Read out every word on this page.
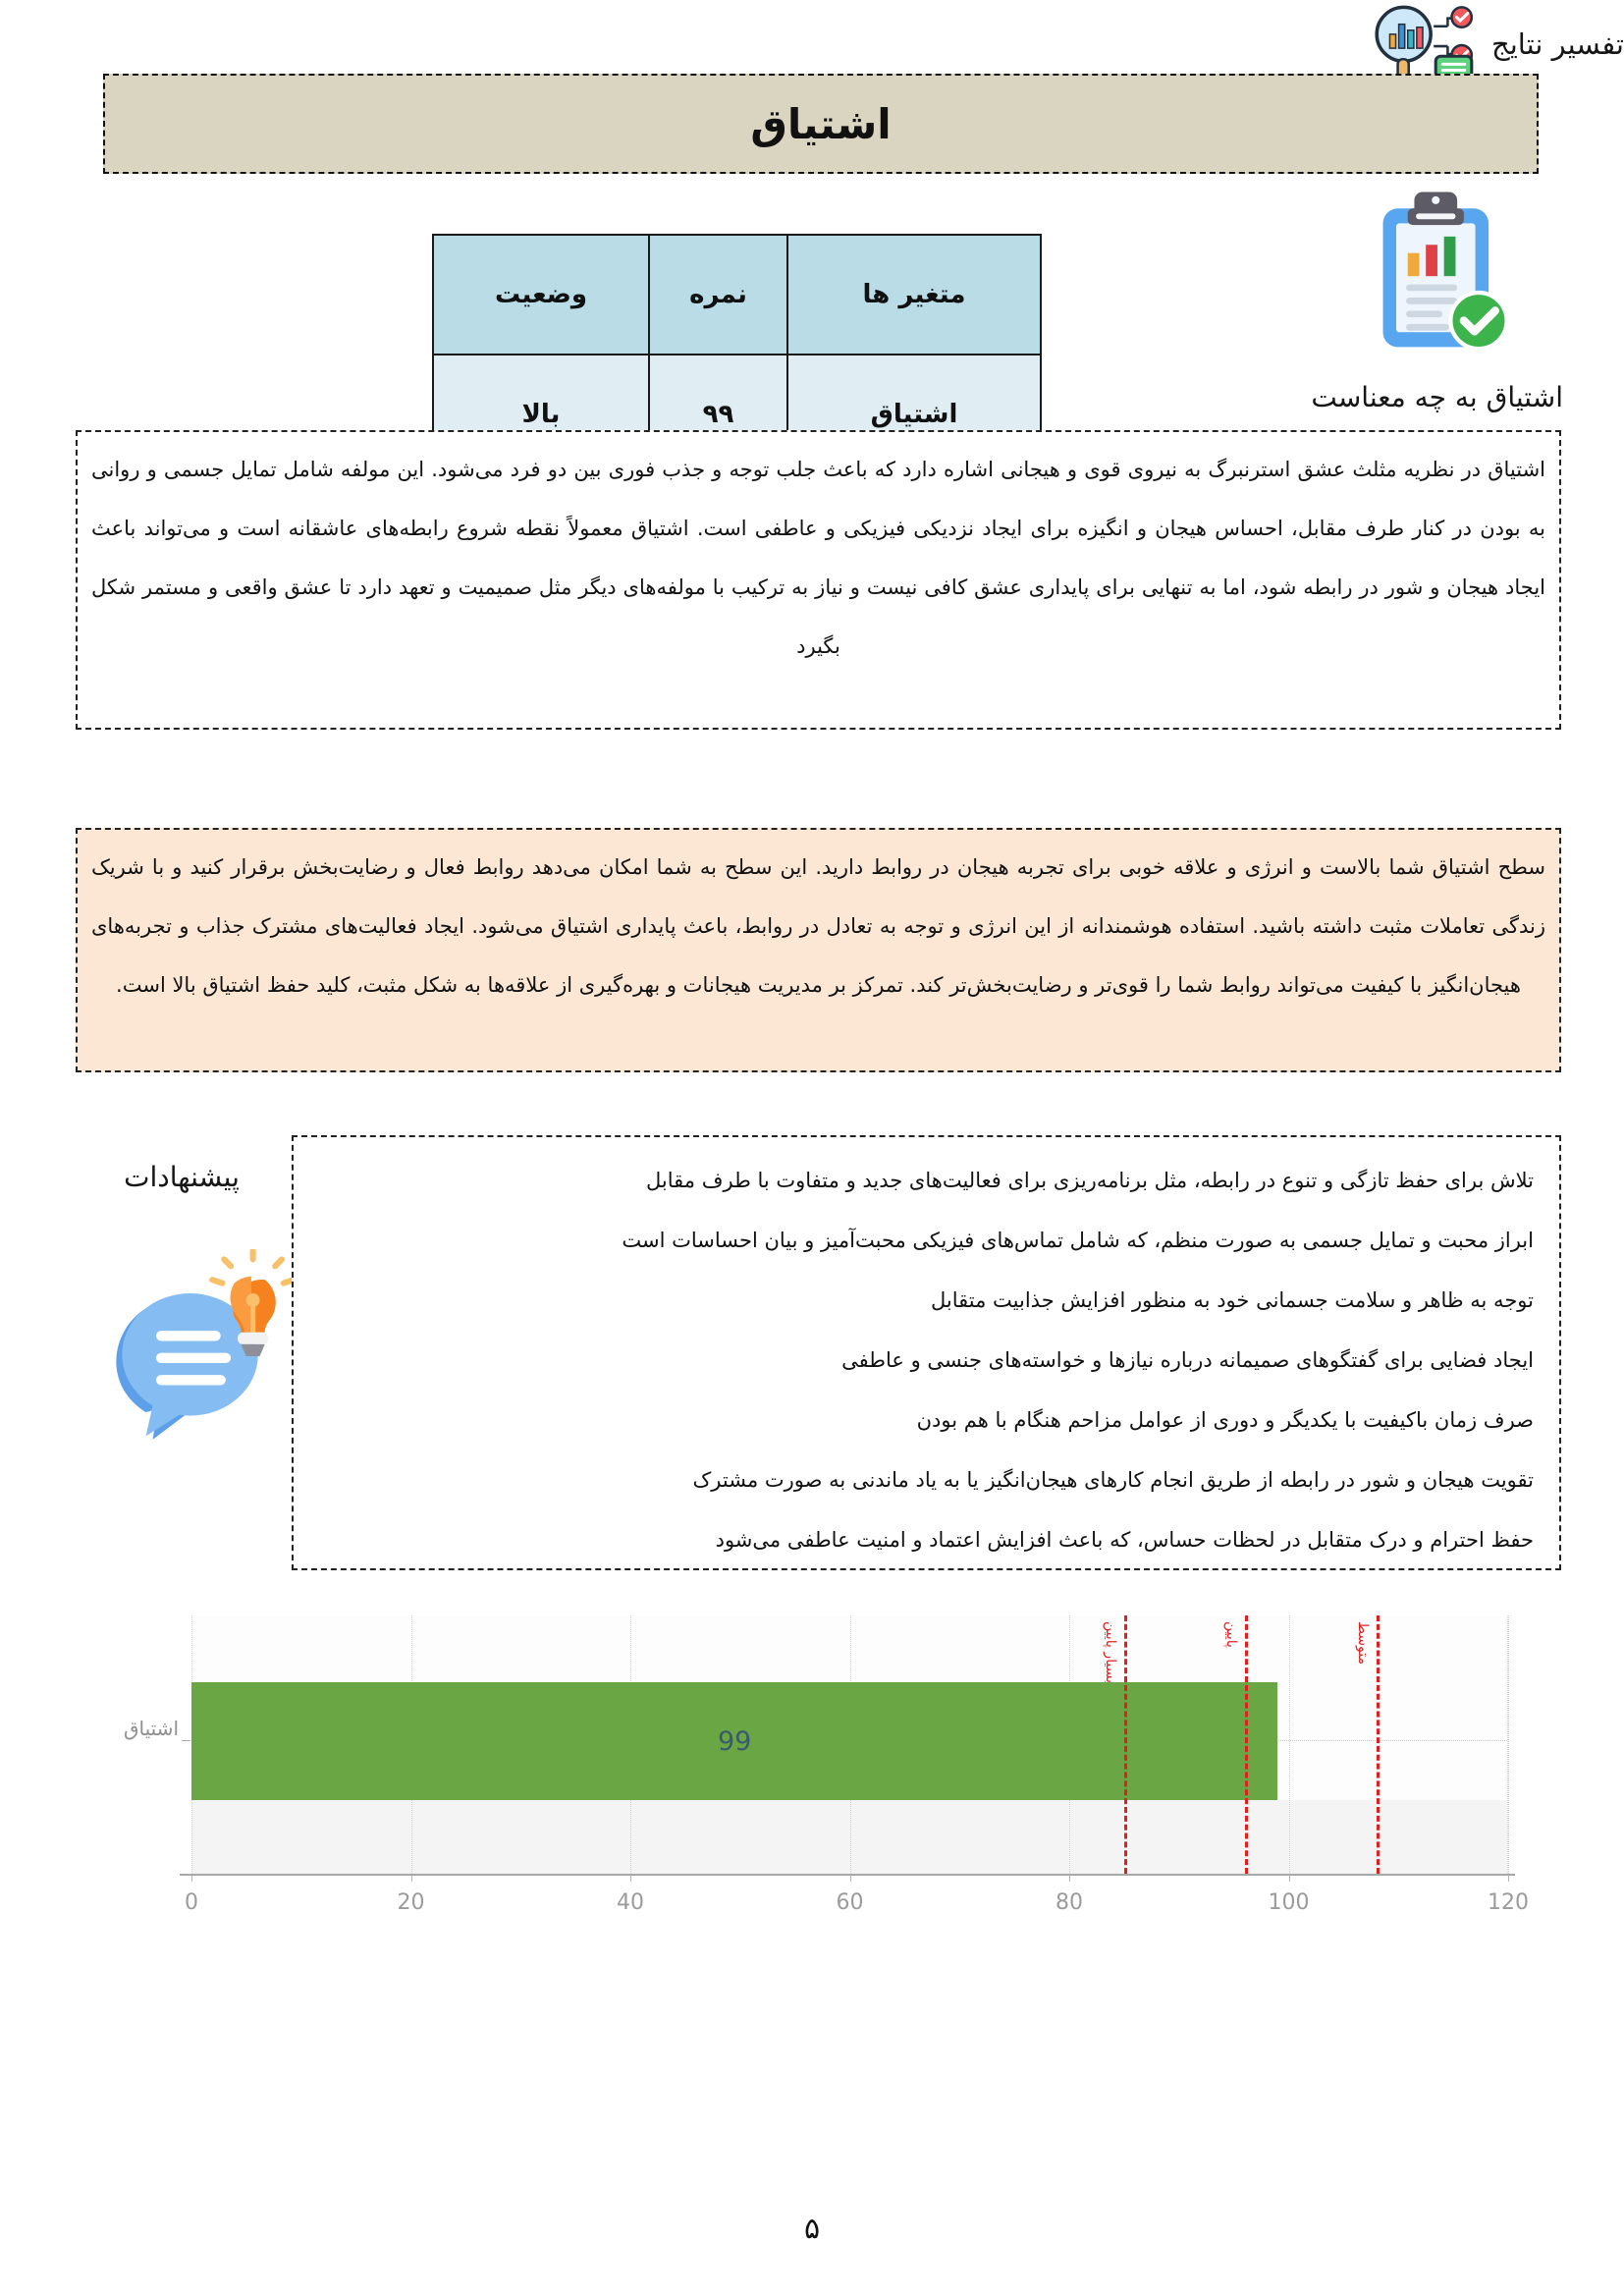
اشتیاق
متغیر ها	نمره	وضعیت
اشتیاق	۹۹	بالا
اشتیاق به چه معناست
اشتیاق در نظریه مثلث عشق استرنبرگ به نیروی قوی و هیجانی اشاره دارد که باعث جلب توجه و جذب فوری بین دو فرد می‌شود. این مولفه شامل تمایل جسمی و روانی به بودن در کنار طرف مقابل، احساس هیجان و انگیزه برای ایجاد نزدیکی فیزیکی و عاطفی است. اشتیاق معمولاً نقطه شروع رابطه‌های عاشقانه است و می‌تواند باعث ایجاد هیجان و شور در رابطه شود، اما به تنهایی برای پایداری عشق کافی نیست و نیاز به ترکیب با مولفه‌های دیگر مثل صمیمیت و تعهد دارد تا عشق واقعی و مستمر شکل بگیرد
تفسیر نتایج
سطح اشتیاق شما بالاست و انرژی و علاقه خوبی برای تجربه هیجان در روابط دارید. این سطح به شما امکان می‌دهد روابط فعال و رضایت‌بخش برقرار کنید و با شریک زندگی تعاملات مثبت داشته باشید. استفاده هوشمندانه از این انرژی و توجه به تعادل در روابط، باعث پایداری اشتیاق می‌شود. ایجاد فعالیت‌های مشترک جذاب و تجربه‌های هیجان‌انگیز با کیفیت می‌تواند روابط شما را قوی‌تر و رضایت‌بخش‌تر کند. تمرکز بر مدیریت هیجانات و بهره‌گیری از علاقه‌ها به شکل مثبت، کلید حفظ اشتیاق بالا است.
پیشنهادات	تلاش برای حفظ تازگی و تنوع در رابطه، مثل برنامه‌ریزی برای فعالیت‌های جدید و متفاوت با طرف مقابل
ابراز محبت و تمایل جسمی به صورت منظم، که شامل تماس‌های فیزیکی محبت‌آمیز و بیان احساسات است
توجه به ظاهر و سلامت جسمانی خود به منظور افزایش جذابیت متقابل
ایجاد فضایی برای گفتگوهای صمیمانه درباره نیازها و خواسته‌های جنسی و عاطفی
صرف زمان باکیفیت با یکدیگر و دوری از عوامل مزاحم هنگام با هم بودن
تقویت هیجان و شور در رابطه از طریق انجام کارهای هیجان‌انگیز یا به یاد ماندنی به صورت مشترک
حفظ احترام و درک متقابل در لحظات حساس، که باعث افزایش اعتماد و امنیت عاطفی می‌شود
99
بسیار پایین	پایین	متوسط
اشتیاق
0	20	40	60	80	100	120
۵
